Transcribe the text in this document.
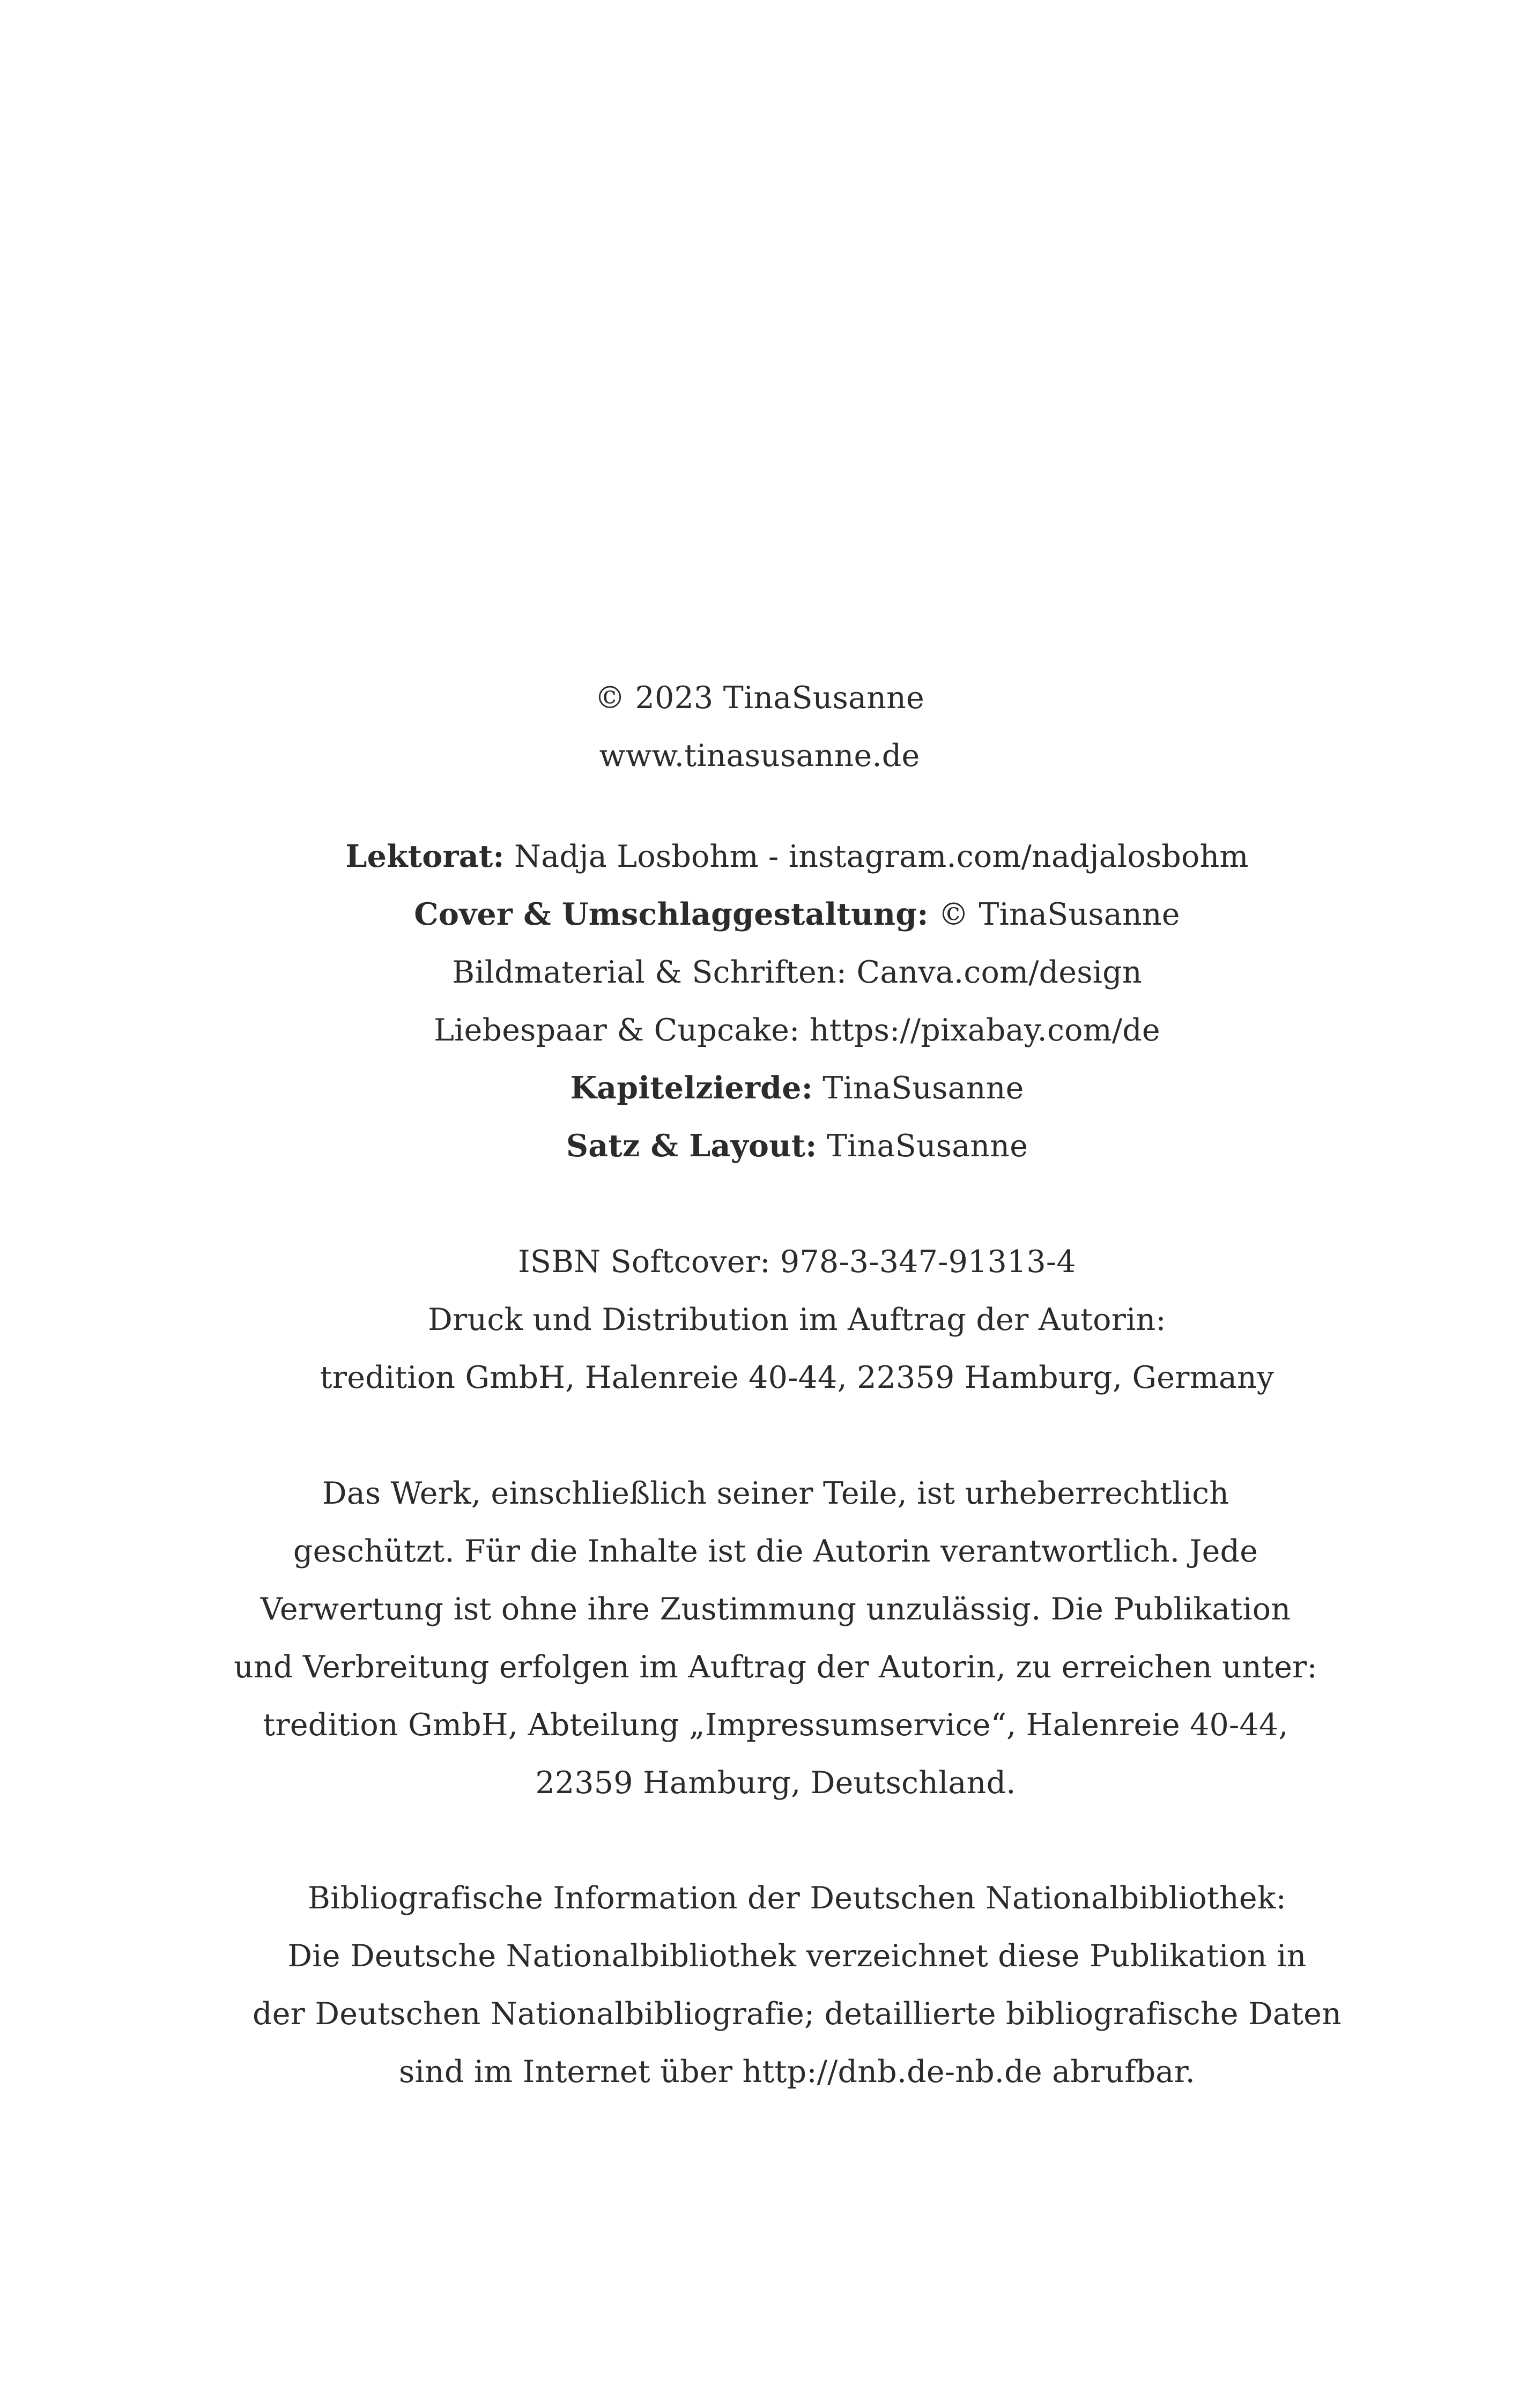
© 2023 TinaSusanne
www.tinasusanne.de
Lektorat: Nadja Losbohm - instagram.com/nadjalosbohm
Cover & Umschlaggestaltung: © TinaSusanne
Bildmaterial & Schriften: Canva.com/design
Liebespaar & Cupcake: https://pixabay.com/de
Kapitelzierde: TinaSusanne
Satz & Layout: TinaSusanne
ISBN Softcover: 978-3-347-91313-4
Druck und Distribution im Auftrag der Autorin:
tredition GmbH, Halenreie 40-44, 22359 Hamburg, Germany
Das Werk, einschließlich seiner Teile, ist urheberrechtlich
geschützt. Für die Inhalte ist die Autorin verantwortlich. Jede
Verwertung ist ohne ihre Zustimmung unzulässig. Die Publikation
und Verbreitung erfolgen im Auftrag der Autorin, zu erreichen unter:
tredition GmbH, Abteilung „Impressumservice“, Halenreie 40-44,
22359 Hamburg, Deutschland.
Bibliografische Information der Deutschen Nationalbibliothek:
Die Deutsche Nationalbibliothek verzeichnet diese Publikation in
der Deutschen Nationalbibliografie; detaillierte bibliografische Daten
sind im Internet über http://dnb.de-nb.de abrufbar.
